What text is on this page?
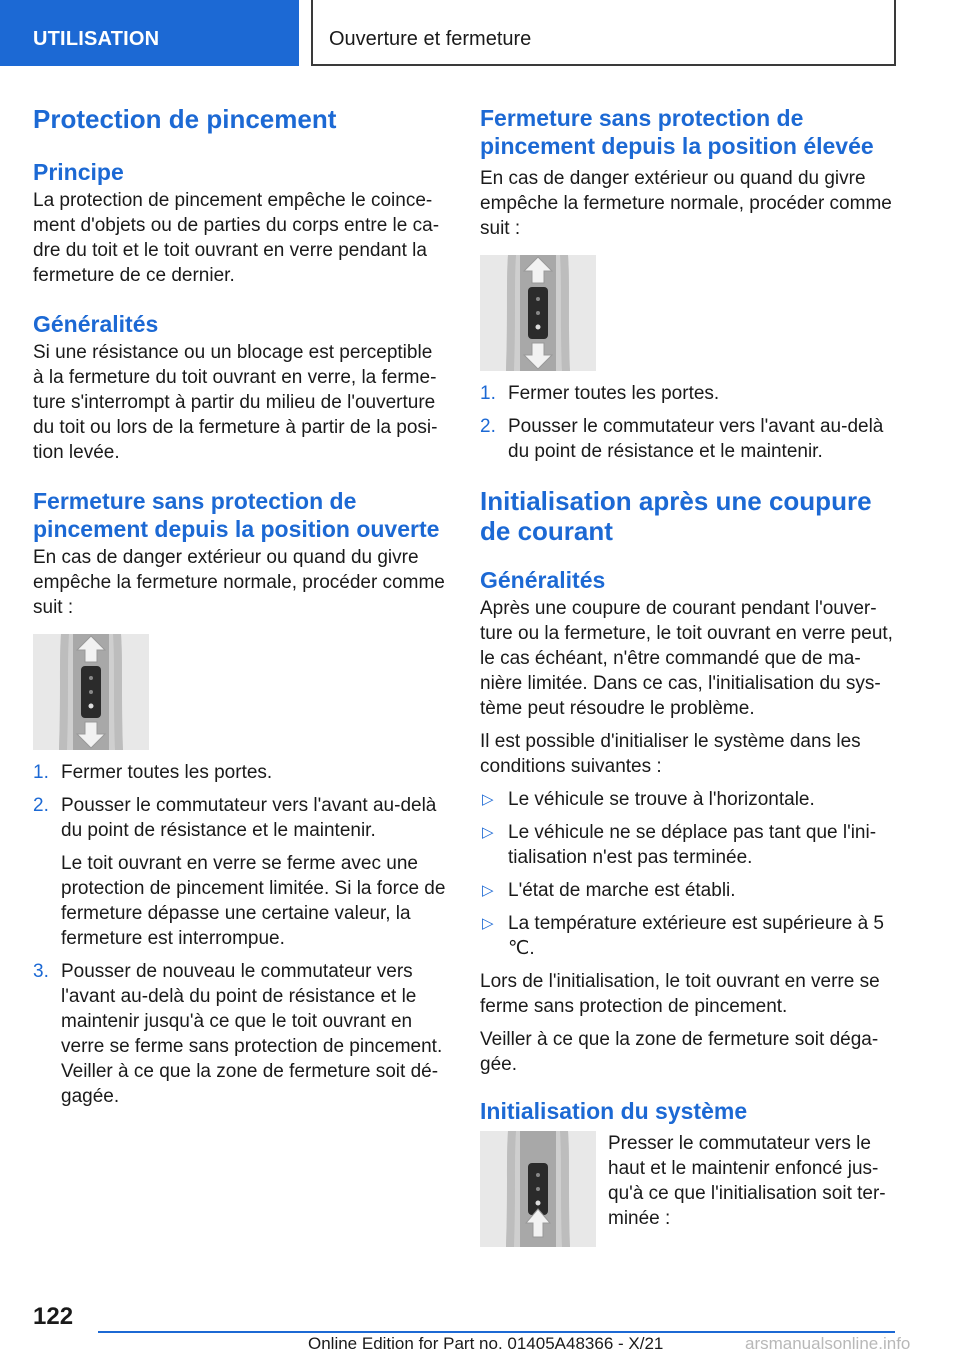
UTILISATION	Ouverture et fermeture
Protection de pincement
Principe

La protection de pincement empêche le coince-ment d'objets ou de parties du corps entre le ca-dre du toit et le toit ouvrant en verre pendant la fermeture de ce dernier.

Généralités

Si une résistance ou un blocage est perceptible à la fermeture du toit ouvrant en verre, la ferme-ture s'interrompt à partir du milieu de l'ouverture du toit ou lors de la fermeture à partir de la posi-tion levée.

Fermeture sans protection de pincement depuis la position ouverte

En cas de danger extérieur ou quand du givre empêche la fermeture normale, procéder comme suit :

1. Fermer toutes les portes.
2. Pousser le commutateur vers l'avant au-delà du point de résistance et le maintenir.
Le toit ouvrant en verre se ferme avec une protection de pincement limitée. Si la force de fermeture dépasse une certaine valeur, la fermeture est interrompue.
3. Pousser de nouveau le commutateur vers l'avant au-delà du point de résistance et le maintenir jusqu'à ce que le toit ouvrant en verre se ferme sans protection de pincement. Veiller à ce que la zone de fermeture soit dé-gagée.
Fermeture sans protection de pincement depuis la position élevée

En cas de danger extérieur ou quand du givre empêche la fermeture normale, procéder comme suit :

1. Fermer toutes les portes.
2. Pousser le commutateur vers l'avant au-delà du point de résistance et le maintenir.
Initialisation après une coupure de courant
Généralités

Après une coupure de courant pendant l'ouver-ture ou la fermeture, le toit ouvrant en verre peut, le cas échéant, n'être commandé que de ma-nière limitée. Dans ce cas, l'initialisation du sys-tème peut résoudre le problème.

Il est possible d'initialiser le système dans les conditions suivantes :

▷ Le véhicule se trouve à l'horizontale.
▷ Le véhicule ne se déplace pas tant que l'ini-tialisation n'est pas terminée.
▷ L'état de marche est établi.
▷ La température extérieure est supérieure à 5 ℃.

Lors de l'initialisation, le toit ouvrant en verre se ferme sans protection de pincement.

Veiller à ce que la zone de fermeture soit déga-gée.

Initialisation du système

Presser le commutateur vers le haut et le maintenir enfoncé jus-qu'à ce que l'initialisation soit ter-minée :

122
Online Edition for Part no. 01405A48366 - X/21	arsmanualsonline.info
